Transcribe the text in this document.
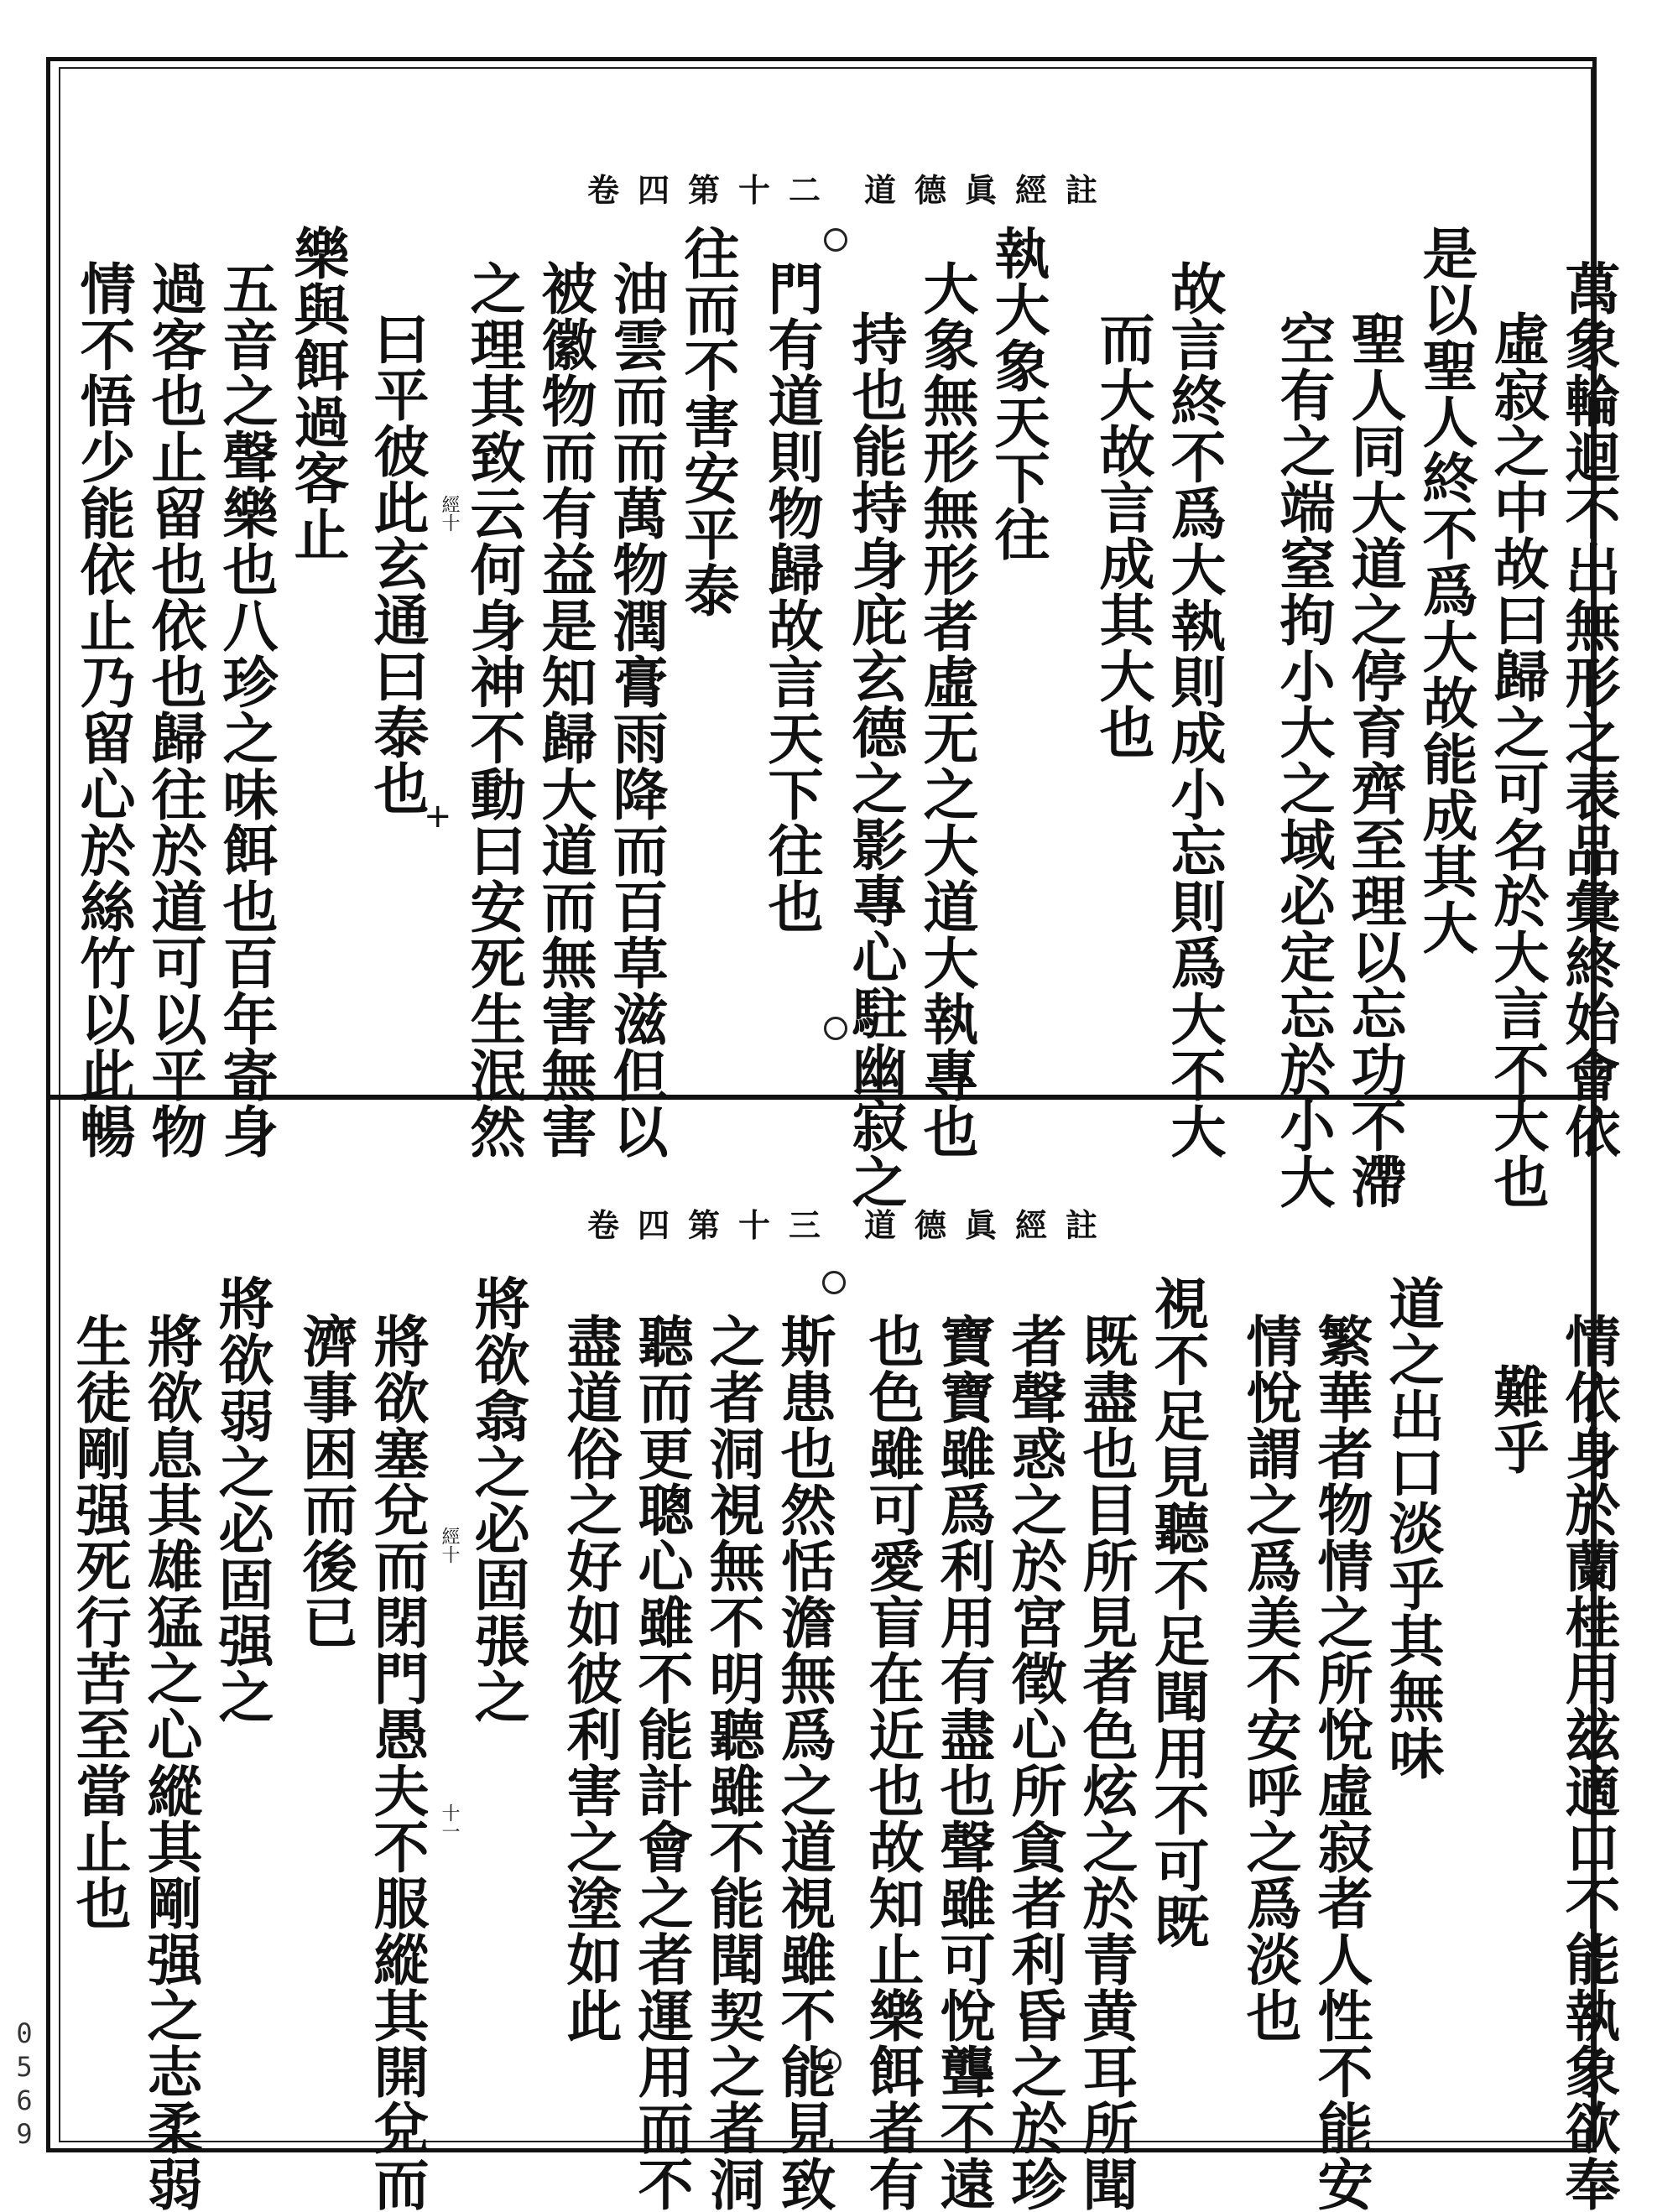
道德眞經註
卷四第十二
萬象輪迴不出無形之表品彙終始會依
虛寂之中故曰歸之可名於大言不大也
是以聖人終不爲大故能成其大
聖人同大道之停育齊至理以忘功不滯
空有之端窒拘小大之域必定忘於小大
故言終不爲大執則成小忘則爲大不大
而大故言成其大也
執大象天下往
大象無形無形者虛无之大道大執專也
持也能持身庇玄德之影專心駐幽寂之
門有道則物歸故言天下往也
往而不害安平泰
油雲而而萬物潤膏雨降而百草滋但以
被徽物而有益是知歸大道而無害無害
之理其致云何身神不動曰安死生泯然
曰平彼此玄通曰泰也
樂與餌過客止
五音之聲樂也八珍之味餌也百年寄身
過客也止留也依也歸往於道可以平物
情不悟少能依止乃留心於絲竹以此暢	經十
+
道德眞經註
卷四第十三
情依身於蘭桂用玆適口不能執象欲奉
難乎
道之出口淡乎其無味
繁華者物情之所悅虛寂者人性不能安
情悅謂之爲美不安呼之爲淡也
視不足見聽不足聞用不可既
既盡也目所見者色炫之於青黄耳所聞
者聲惑之於宮徵心所貪者利昏之於珍
寶寶雖爲利用有盡也聲雖可悅聾不遠
也色雖可愛盲在近也故知止樂餌者有
斯患也然恬澹無爲之道視雖不能見致
之者洞視無不明聽雖不能聞契之者洞
聽而更聰心雖不能計會之者運用而不
盡道俗之好如彼利害之塗如此
將欲翕之必固張之
將欲塞兌而閉門愚夫不服縱其開兌而
濟事困而後已
將欲弱之必固强之
將欲息其雄猛之心縱其剛强之志柔弱
生徒剛强死行苦至當止也	經十
十一
0569
